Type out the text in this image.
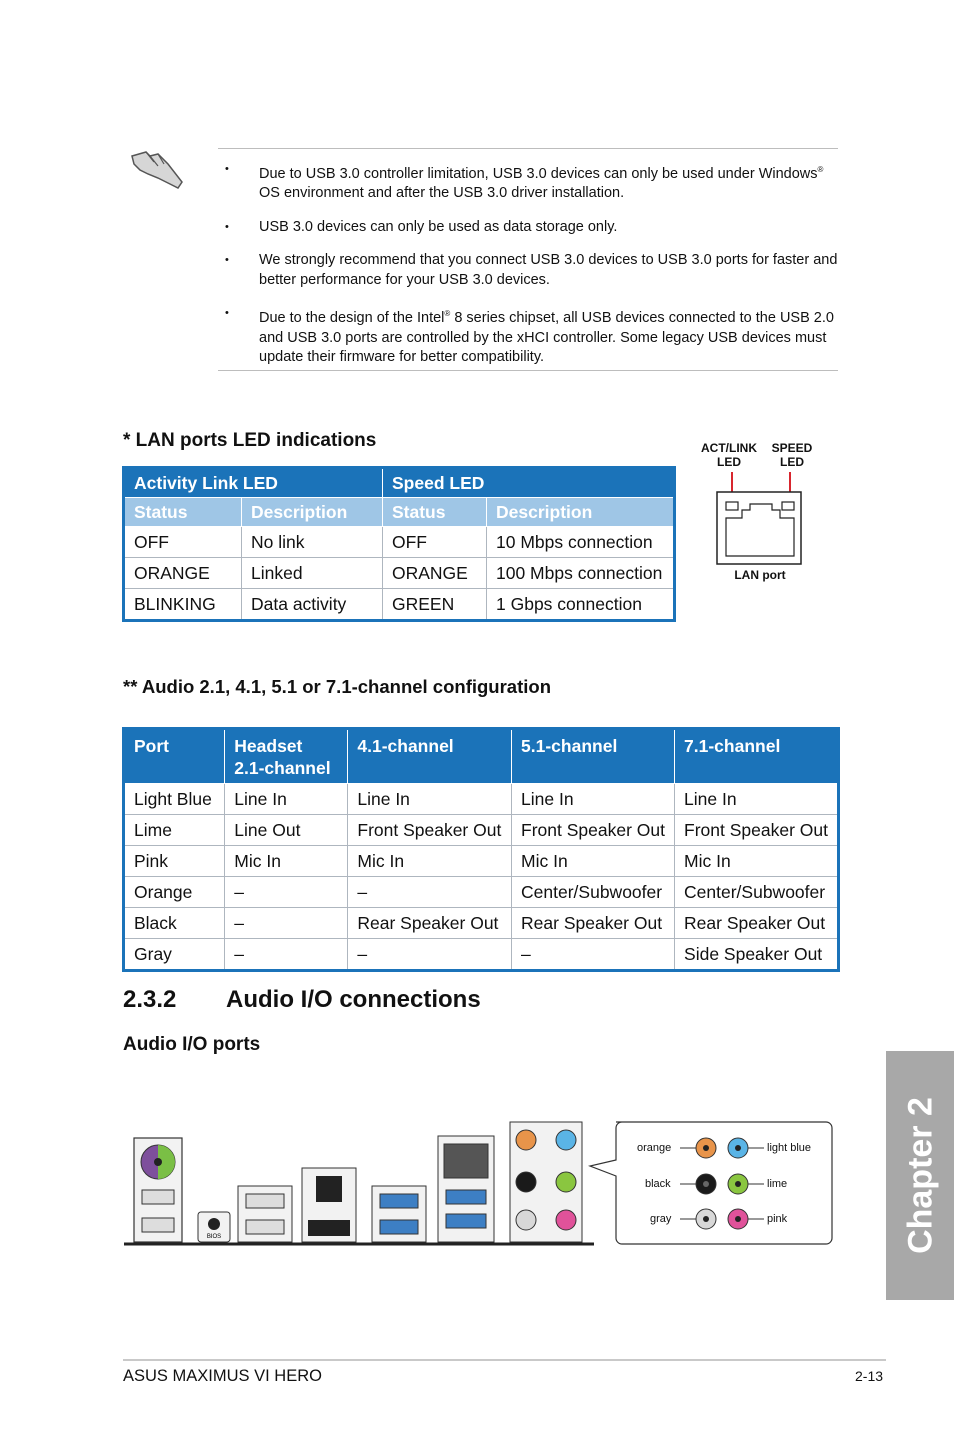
• Due to USB 3.0 controller limitation, USB 3.0 devices can only be used under Windows® OS environment and after the USB 3.0 driver installation.
• USB 3.0 devices can only be used as data storage only.
• We strongly recommend that you connect USB 3.0 devices to USB 3.0 ports for faster and better performance for your USB 3.0 devices.
• Due to the design of the Intel® 8 series chipset, all USB devices connected to the USB 2.0 and USB 3.0 ports are controlled by the xHCI controller. Some legacy USB devices must update their firmware for better compatibility.
* LAN ports LED indications
Activity Link LED		Speed LED	
Status	Description	Status	Description
OFF	No link	OFF	10 Mbps connection
ORANGE	Linked	ORANGE	100 Mbps connection
BLINKING	Data activity	GREEN	1 Gbps connection
ACT/LINK
LED
SPEED
LED
LAN port
** Audio 2.1, 4.1, 5.1 or 7.1-channel configuration
Port	Headset
2.1-channel	4.1-channel	5.1-channel	7.1-channel
Light Blue	Line In	Line In	Line In	Line In
Lime	Line Out	Front Speaker Out	Front Speaker Out	Front Speaker Out
Pink	Mic In	Mic In	Mic In	Mic In
Orange	–	–	Center/Subwoofer	Center/Subwoofer
Black	–	Rear Speaker Out	Rear Speaker Out	Rear Speaker Out
Gray	–	–	–	Side Speaker Out
2.3.2 Audio I/O connections
Audio I/O ports
BIOS
orange
black
gray
light blue
lime
pink	Chapter 2
ASUS MAXIMUS VI HERO	2-13
